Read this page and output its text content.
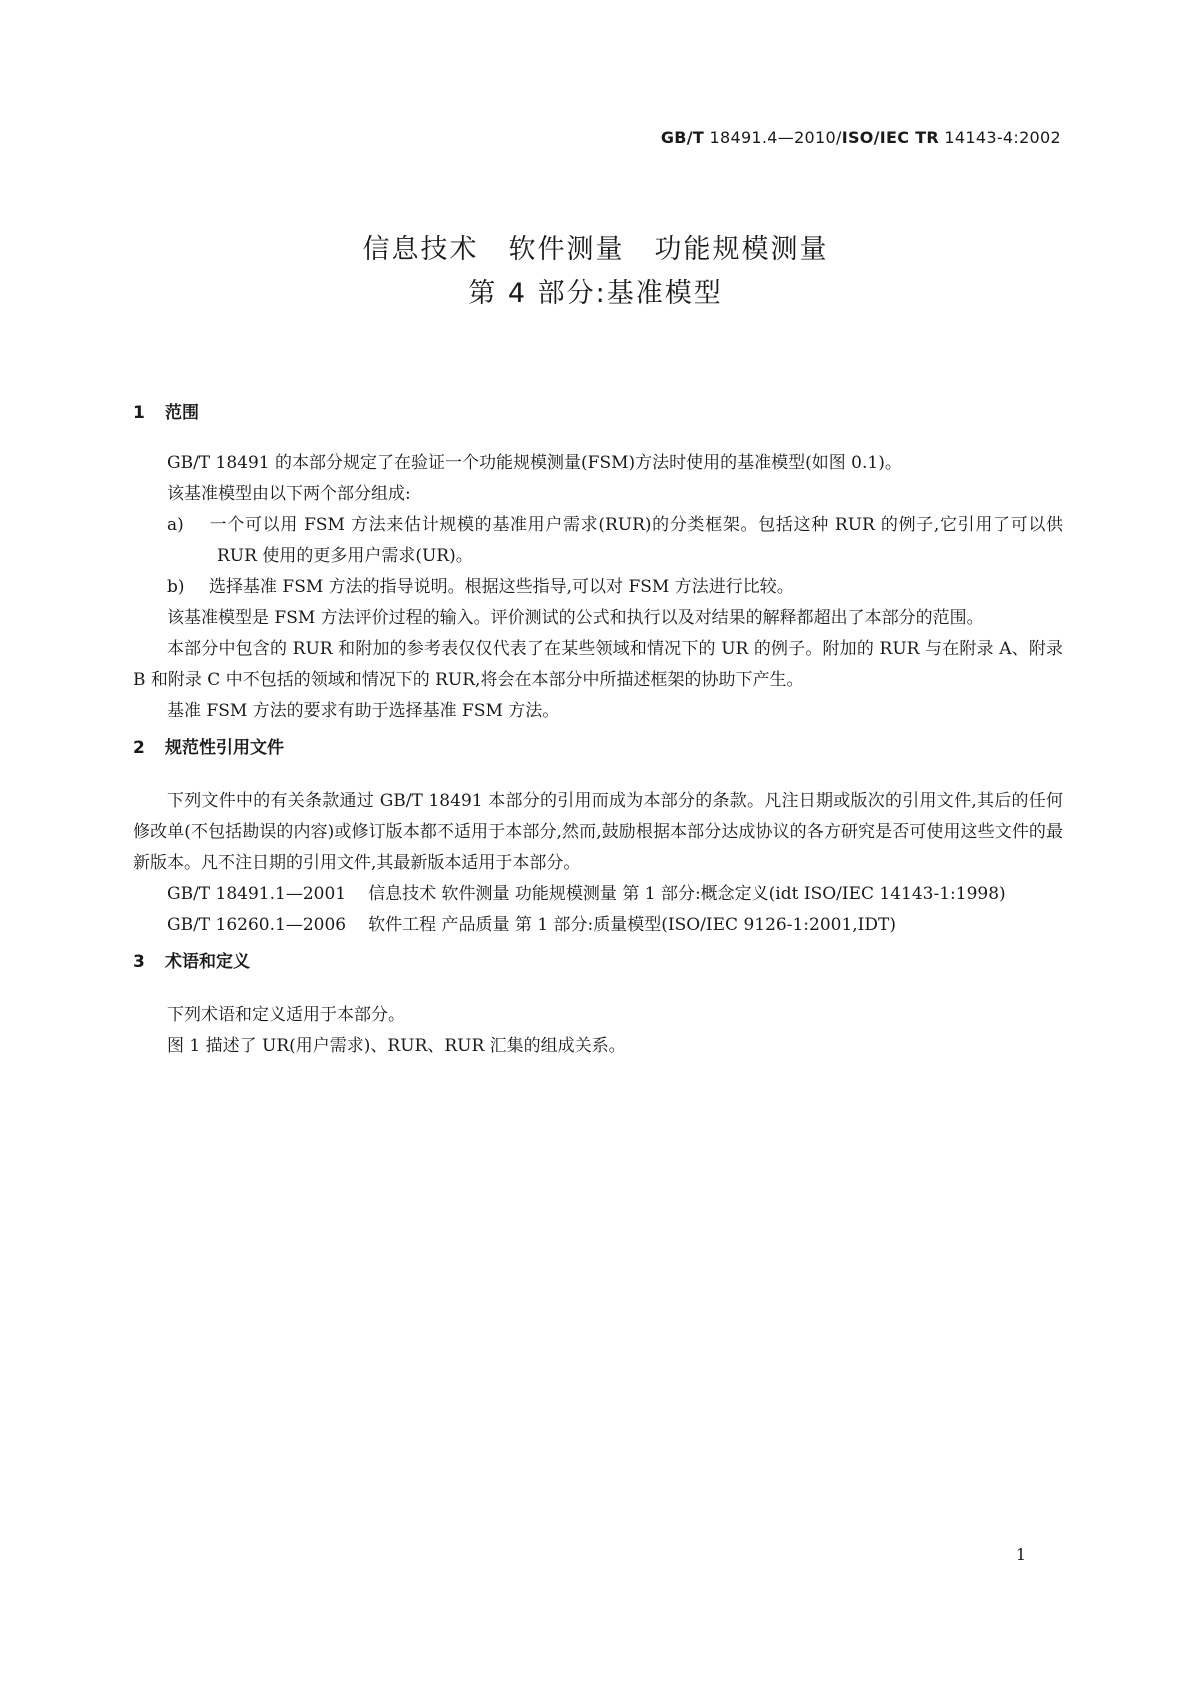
GB/T 18491.4—2010/ISO/IEC TR 14143-4:2002
信息技术 软件测量 功能规模测量
第 4 部分:基准模型
1 范围

GB/T 18491 的本部分规定了在验证一个功能规模测量(FSM)方法时使用的基准模型(如图 0.1)。

该基准模型由以下两个部分组成:

a) 一个可以用 FSM 方法来估计规模的基准用户需求(RUR)的分类框架。包括这种 RUR 的例子,它引用了可以供 RUR 使用的更多用户需求(UR)。

b) 选择基准 FSM 方法的指导说明。根据这些指导,可以对 FSM 方法进行比较。

该基准模型是 FSM 方法评价过程的输入。评价测试的公式和执行以及对结果的解释都超出了本部分的范围。

本部分中包含的 RUR 和附加的参考表仅仅代表了在某些领域和情况下的 UR 的例子。附加的 RUR 与在附录 A、附录 B 和附录 C 中不包括的领域和情况下的 RUR,将会在本部分中所描述框架的协助下产生。

基准 FSM 方法的要求有助于选择基准 FSM 方法。

2 规范性引用文件

下列文件中的有关条款通过 GB/T 18491 本部分的引用而成为本部分的条款。凡注日期或版次的引用文件,其后的任何修改单(不包括勘误的内容)或修订版本都不适用于本部分,然而,鼓励根据本部分达成协议的各方研究是否可使用这些文件的最新版本。凡不注日期的引用文件,其最新版本适用于本部分。

GB/T 18491.1—2001 信息技术 软件测量 功能规模测量 第 1 部分:概念定义(idt ISO/IEC 14143-1:1998)

GB/T 16260.1—2006 软件工程 产品质量 第 1 部分:质量模型(ISO/IEC 9126-1:2001,IDT)

3 术语和定义

下列术语和定义适用于本部分。

图 1 描述了 UR(用户需求)、RUR、RUR 汇集的组成关系。

1
